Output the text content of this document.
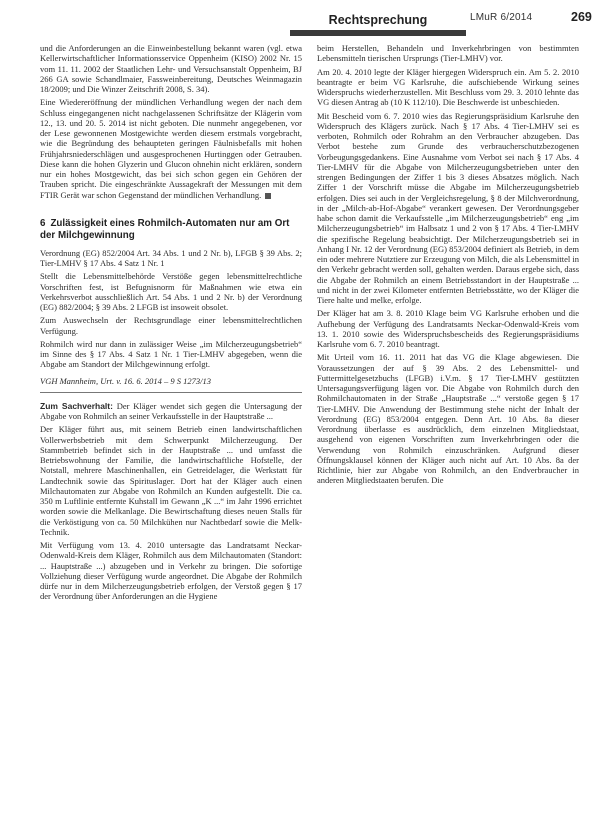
Rechtsprechung	LMuR 6/2014	269

und die Anforderungen an die Einweinbestellung bekannt waren (vgl. etwa Kellerwirtschaftlicher Informationsservice Oppenheim (KISO) 2002 Nr. 15 vom 11. 11. 2002 der Staatlichen Lehr- und Versuchsanstalt Oppenheim, BJ 266 GA sowie Schandlmaier, Fassweinbereitung, Deutsches Weinmagazin 18/2009; und Die Winzer Zeitschrift 2008, S. 34).

Eine Wiedereröffnung der mündlichen Verhandlung wegen der nach dem Schluss eingegangenen nicht nachgelassenen Schriftsätze der Klägerin vom 12., 13. und 20. 5. 2014 ist nicht geboten. Die nunmehr angegebenen, vor der Lese gewonnenen Mostgewichte werden diesem erstmals vorgebracht, wie die Begründung des behaupteten geringen Fäulnisbefalls mit hohen Frühjahrsniederschlägen und ausgesprochenen Hurtinggen oder Getrauben. Diese kann die hohen Glyzerin und Glucon ohnehin nicht erklären, sondern nur ein hohes Mostgewicht, das bei sich schon gegen ein Gehören der Trauben spricht. Die eingeschränkte Aussagekraft der Messungen mit dem FTIR Gerät war schon Gegenstand der mündlichen Verhandlung.

6 Zulässigkeit eines Rohmilch-Automaten nur am Ort der Milchgewinnung

Verordnung (EG) 852/2004 Art. 34 Abs. 1 und 2 Nr. b), LFGB § 39 Abs. 2; Tier-LMHV § 17 Abs. 4 Satz 1 Nr. 1

Stellt die Lebensmittelbehörde Verstöße gegen lebensmittelrechtliche Vorschriften fest, ist Befugnisnorm für Maßnahmen wie etwa ein Verkehrsverbot ausschließlich Art. 54 Abs. 1 und 2 Nr. b) der Verordnung (EG) 882/2004; § 39 Abs. 2 LFGB ist insoweit obsolet.

Zum Auswechseln der Rechtsgrundlage einer lebensmittelrechtlichen Verfügung.

Rohmilch wird nur dann in zulässiger Weise „im Milcherzeugungsbetrieb“ im Sinne des § 17 Abs. 4 Satz 1 Nr. 1 Tier-LMHV abgegeben, wenn die Abgabe am Standort der Milchgewinnung erfolgt.

VGH Mannheim, Urt. v. 16. 6. 2014 – 9 S 1273/13

Zum Sachverhalt: Der Kläger wendet sich gegen die Untersagung der Abgabe von Rohmilch an seiner Verkaufsstelle in der Hauptstraße ...

Der Kläger führt aus, mit seinem Betrieb einen landwirtschaftlichen Vollerwerbsbetrieb mit dem Schwerpunkt Milcherzeugung. Der Stammbetrieb befindet sich in der Hauptstraße ... und umfasst die Betriebswohnung der Familie, die landwirtschaftliche Hofstelle, der Notstall, mehrere Maschinenhallen, ein Getreidelager, die Werkstatt für Landtechnik sowie das Spirituslager. Dort hat der Kläger auch einen Milchautomaten zur Abgabe von Rohmilch an Kunden aufgestellt. Die ca. 350 m Luftlinie entfernte Kuhstall im Gewann „K ...“ im Jahr 1996 errichtet worden sowie die Melkanlage. Die Bewirtschaftung dieses neuen Stalls für die Verköstigung von ca. 50 Milchkühen nur Nachtbedarf sowie die Melk-Technik.

Mit Verfügung vom 13. 4. 2010 untersagte das Landratsamt Neckar-Odenwald-Kreis dem Kläger, Rohmilch aus dem Milchautomaten (Standort: ... Hauptstraße ...) abzugeben und in Verkehr zu bringen. Die sofortige Vollziehung dieser Verfügung wurde angeordnet. Die Abgabe der Rohmilch dürfe nur in dem Milcherzeugungsbetrieb erfolgen, der Verstoß gegen § 17 der Verordnung über Anforderungen an die Hygiene

beim Herstellen, Behandeln und Inverkehrbringen von bestimmten Lebensmitteln tierischen Ursprungs (Tier-LMHV) vor.

Am 20. 4. 2010 legte der Kläger hiergegen Widerspruch ein. Am 5. 2. 2010 beantragte er beim VG Karlsruhe, die aufschiebende Wirkung seines Widerspruchs wiederherzustellen. Mit Beschluss vom 29. 3. 2010 lehnte das VG diesen Antrag ab (10 K 112/10). Die Beschwerde ist unbeschieden.

Mit Bescheid vom 6. 7. 2010 wies das Regierungspräsidium Karlsruhe den Widerspruch des Klägers zurück. Nach § 17 Abs. 4 Tier-LMHV sei es verboten, Rohmilch oder Rohrahm an den Verbraucher abzugeben. Das Verbot bestehe zum Grunde des verbraucherschutzbezogenen Vorbeugungsgedankens. Eine Ausnahme vom Verbot sei nach § 17 Abs. 4 Tier-LMHV für die Abgabe von Milcherzeugungsbetrieben unter den strengen Bedingungen der Ziffer 1 bis 3 dieses Absatzes möglich. Nach Ziffer 1 der Vorschrift müsse die Abgabe im Milcherzeugungsbetrieb erfolgen. Dies sei auch in der Vergleichsregelung, § 8 der Milchverordnung, in der „Milch-ab-Hof-Abgabe“ verankert gewesen. Der Verordnungsgeber habe schon damit die Verkaufsstelle „im Milcherzeugungsbetrieb“ eng „im Milcherzeugungsbetrieb“ im Halbsatz 1 und 2 von § 17 Abs. 4 Tier-LMHV die spezifische Regelung beabsichtigt. Der Milcherzeugungsbetrieb sei in Anhang I Nr. 12 der Verordnung (EG) 853/2004 definiert als Betrieb, in dem ein oder mehrere Nutztiere zur Erzeugung von Milch, die als Lebensmittel in den Verkehr gebracht werden soll, gehalten werden. Daraus ergebe sich, dass die Abgabe der Rohmilch an einem Betriebsstandort in der Hauptstraße ... und nicht in der zwei Kilometer entfernten Betriebsstätte, wo der Kläger die Tiere halte und melke, erfolge.

Der Kläger hat am 3. 8. 2010 Klage beim VG Karlsruhe erhoben und die Aufhebung der Verfügung des Landratsamts Neckar-Odenwald-Kreis vom 13. 1. 2010 sowie des Widerspruchsbescheids des Regierungspräsidiums Karlsruhe vom 6. 7. 2010 beantragt.

Mit Urteil vom 16. 11. 2011 hat das VG die Klage abgewiesen. Die Voraussetzungen der auf § 39 Abs. 2 des Lebensmittel- und Futtermittelgesetzbuchs (LFGB) i.V.m. § 17 Tier-LMHV gestützten Untersagungsverfügung lägen vor. Die Abgabe von Rohmilch durch den Rohmilchautomaten in der Straße „Hauptstraße ...“ verstoße gegen § 17 Tier-LMHV. Die Anwendung der Bestimmung stehe nicht der Inhalt der Verordnung (EG) 853/2004 entgegen. Denn Art. 10 Abs. 8a dieser Verordnung überlasse es ausdrücklich, dem einzelnen Mitgliedstaat, ausgehend von eigenen Vorschriften zum Inverkehrbringen oder die Verwendung von Rohmilch einzuschränken. Aufgrund dieser Öffnungsklausel können der Kläger auch nicht auf Art. 10 Abs. 8a der Richtlinie, hier zur Abgabe von Rohmilch, an den Endverbraucher in anderen Mitgliedstaaten berufen. Die
